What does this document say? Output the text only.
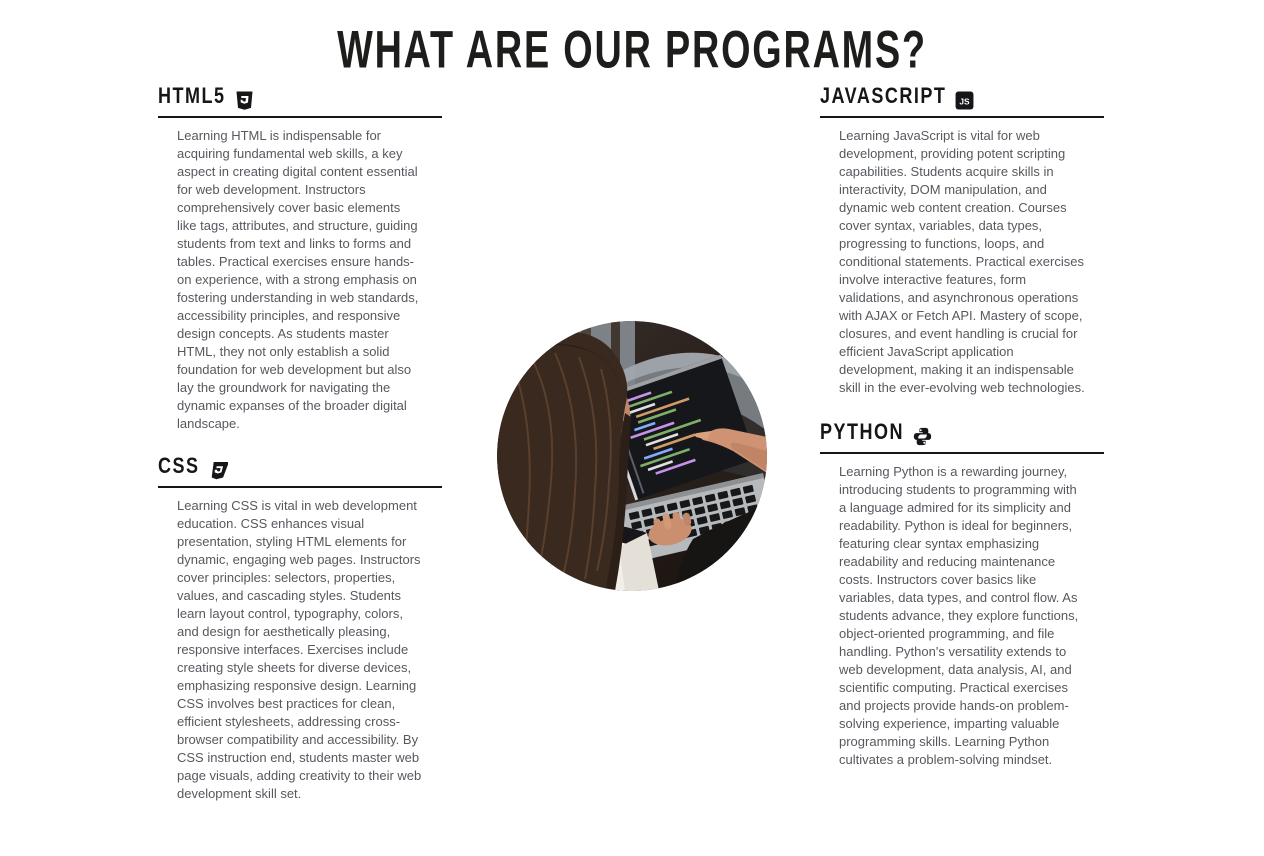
WHAT ARE OUR PROGRAMS?
HTML5

Learning HTML is indispensable for acquiring fundamental web skills, a key aspect in creating digital content essential for web development. Instructors comprehensively cover basic elements like tags, attributes, and structure, guiding students from text and links to forms and tables. Practical exercises ensure hands-on experience, with a strong emphasis on fostering understanding in web standards, accessibility principles, and responsive design concepts. As students master HTML, they not only establish a solid foundation for web development but also lay the groundwork for navigating the dynamic expanses of the broader digital landscape.

CSS

Learning CSS is vital in web development education. CSS enhances visual presentation, styling HTML elements for dynamic, engaging web pages. Instructors cover principles: selectors, properties, values, and cascading styles. Students learn layout control, typography, colors, and design for aesthetically pleasing, responsive interfaces. Exercises include creating style sheets for diverse devices, emphasizing responsive design. Learning CSS involves best practices for clean, efficient stylesheets, addressing cross-browser compatibility and accessibility. By CSS instruction end, students master web page visuals, adding creativity to their web development skill set.

JAVASCRIPT JS

Learning JavaScript is vital for web development, providing potent scripting capabilities. Students acquire skills in interactivity, DOM manipulation, and dynamic web content creation. Courses cover syntax, variables, data types, progressing to functions, loops, and conditional statements. Practical exercises involve interactive features, form validations, and asynchronous operations with AJAX or Fetch API. Mastery of scope, closures, and event handling is crucial for efficient JavaScript application development, making it an indispensable skill in the ever-evolving web technologies.

PYTHON

Learning Python is a rewarding journey, introducing students to programming with a language admired for its simplicity and readability. Python is ideal for beginners, featuring clear syntax emphasizing readability and reducing maintenance costs. Instructors cover basics like variables, data types, and control flow. As students advance, they explore functions, object-oriented programming, and file handling. Python's versatility extends to web development, data analysis, AI, and scientific computing. Practical exercises and projects provide hands-on problem-solving experience, imparting valuable programming skills. Learning Python cultivates a problem-solving mindset.
